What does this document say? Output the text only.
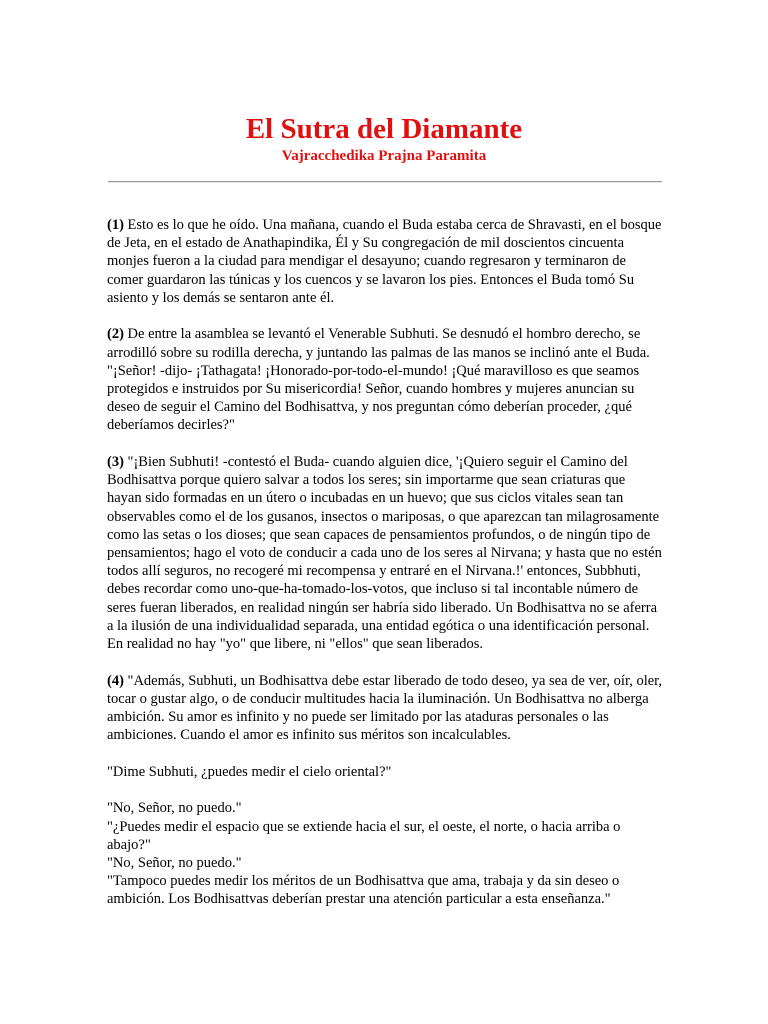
El Sutra del Diamante
Vajracchedika Prajna Paramita

(1) Esto es lo que he oído. Una mañana, cuando el Buda estaba cerca de Shravasti, en el bosque de Jeta, en el estado de Anathapindika, Él y Su congregación de mil doscientos cincuenta monjes fueron a la ciudad para mendigar el desayuno; cuando regresaron y terminaron de comer guardaron las túnicas y los cuencos y se lavaron los pies. Entonces el Buda tomó Su asiento y los demás se sentaron ante él.

(2) De entre la asamblea se levantó el Venerable Subhuti. Se desnudó el hombro derecho, se arrodilló sobre su rodilla derecha, y juntando las palmas de las manos se inclinó ante el Buda. "¡Señor! -dijo- ¡Tathagata! ¡Honorado-por-todo-el-mundo! ¡Qué maravilloso es que seamos protegidos e instruidos por Su misericordia! Señor, cuando hombres y mujeres anuncian su deseo de seguir el Camino del Bodhisattva, y nos preguntan cómo deberían proceder, ¿qué deberíamos decirles?"

(3) "¡Bien Subhuti! -contestó el Buda- cuando alguien dice, '¡Quiero seguir el Camino del Bodhisattva porque quiero salvar a todos los seres; sin importarme que sean criaturas que hayan sido formadas en un útero o incubadas en un huevo; que sus ciclos vitales sean tan observables como el de los gusanos, insectos o mariposas, o que aparezcan tan milagrosamente como las setas o los dioses; que sean capaces de pensamientos profundos, o de ningún tipo de pensamientos; hago el voto de conducir a cada uno de los seres al Nirvana; y hasta que no estén todos allí seguros, no recogeré mi recompensa y entraré en el Nirvana.!' entonces, Subbhuti, debes recordar como uno-que-ha-tomado-los-votos, que incluso si tal incontable número de seres fueran liberados, en realidad ningún ser habría sido liberado. Un Bodhisattva no se aferra a la ilusión de una individualidad separada, una entidad egótica o una identificación personal. En realidad no hay "yo" que libere, ni "ellos" que sean liberados.

(4) "Además, Subhuti, un Bodhisattva debe estar liberado de todo deseo, ya sea de ver, oír, oler, tocar o gustar algo, o de conducir multitudes hacia la iluminación. Un Bodhisattva no alberga ambición. Su amor es infinito y no puede ser limitado por las ataduras personales o las ambiciones. Cuando el amor es infinito sus méritos son incalculables.

"Dime Subhuti, ¿puedes medir el cielo oriental?"

"No, Señor, no puedo."

"¿Puedes medir el espacio que se extiende hacia el sur, el oeste, el norte, o hacia arriba o abajo?"

"No, Señor, no puedo."

"Tampoco puedes medir los méritos de un Bodhisattva que ama, trabaja y da sin deseo o ambición. Los Bodhisattvas deberían prestar una atención particular a esta enseñanza."
